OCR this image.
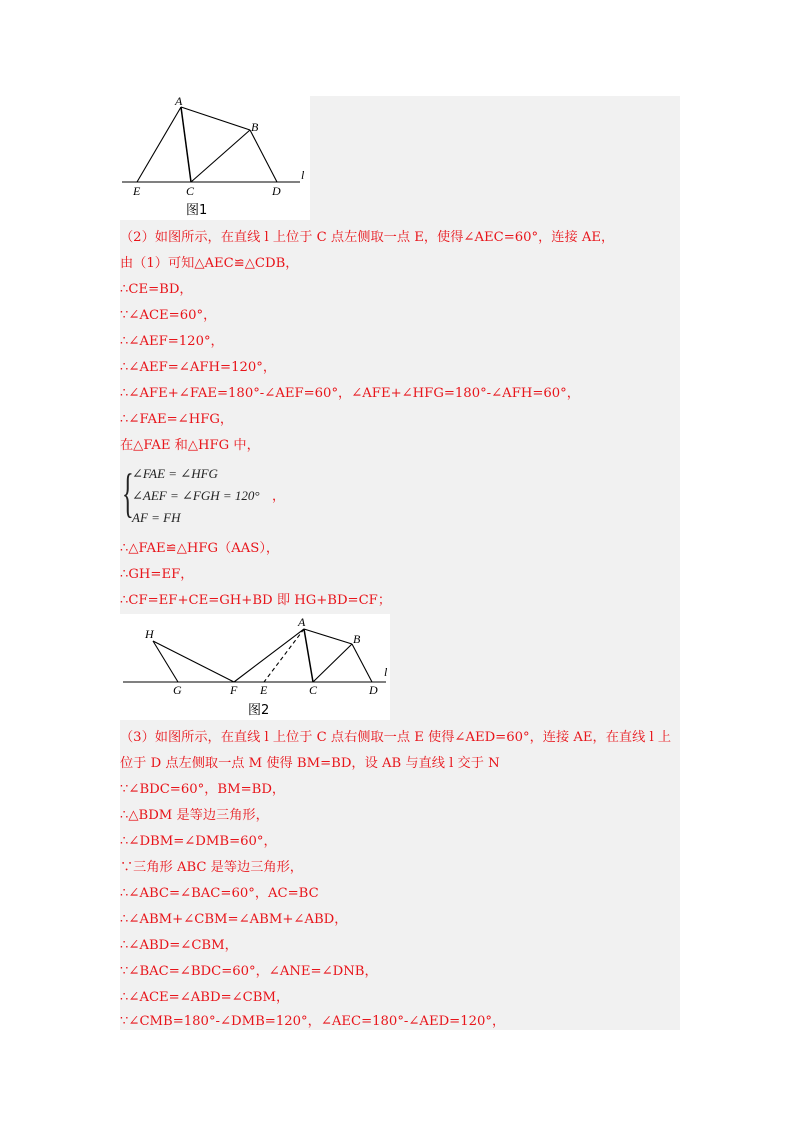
A
B
E	C	D
l
图1
（2）如图所示，在直线 l 上位于 C 点左侧取一点 E，使得∠AEC=60°，连接 AE，
由（1）可知△AEC≌△CDB，
∴CE=BD，
∵∠ACE=60°，
∴∠AEF=120°，
∴∠AEF=∠AFH=120°，
∴∠AFE+∠FAE=180°-∠AEF=60°，∠AFE+∠HFG=180°-∠AFH=60°，
∴∠FAE=∠HFG，
在△FAE 和△HFG 中，
{
∠FAE = ∠HFG
∠AEF = ∠FGH = 120°
AF = FH
，
∴△FAE≌△HFG（AAS），
∴GH=EF，
∴CF=EF+CE=GH+BD 即 HG+BD=CF；
H
A
B
G	F E	C	D
l
图2
（3）如图所示，在直线 l 上位于 C 点右侧取一点 E 使得∠AED=60°，连接 AE，在直线 l 上
位于 D 点左侧取一点 M 使得 BM=BD，设 AB 与直线 l 交于 N
∵∠BDC=60°，BM=BD，
∴△BDM 是等边三角形，
∴∠DBM=∠DMB=60°，
∵三角形 ABC 是等边三角形，
∴∠ABC=∠BAC=60°，AC=BC
∴∠ABM+∠CBM=∠ABM+∠ABD，
∴∠ABD=∠CBM，
∵∠BAC=∠BDC=60°，∠ANE=∠DNB，
∴∠ACE=∠ABD=∠CBM，
∵∠CMB=180°-∠DMB=120°，∠AEC=180°-∠AED=120°，
